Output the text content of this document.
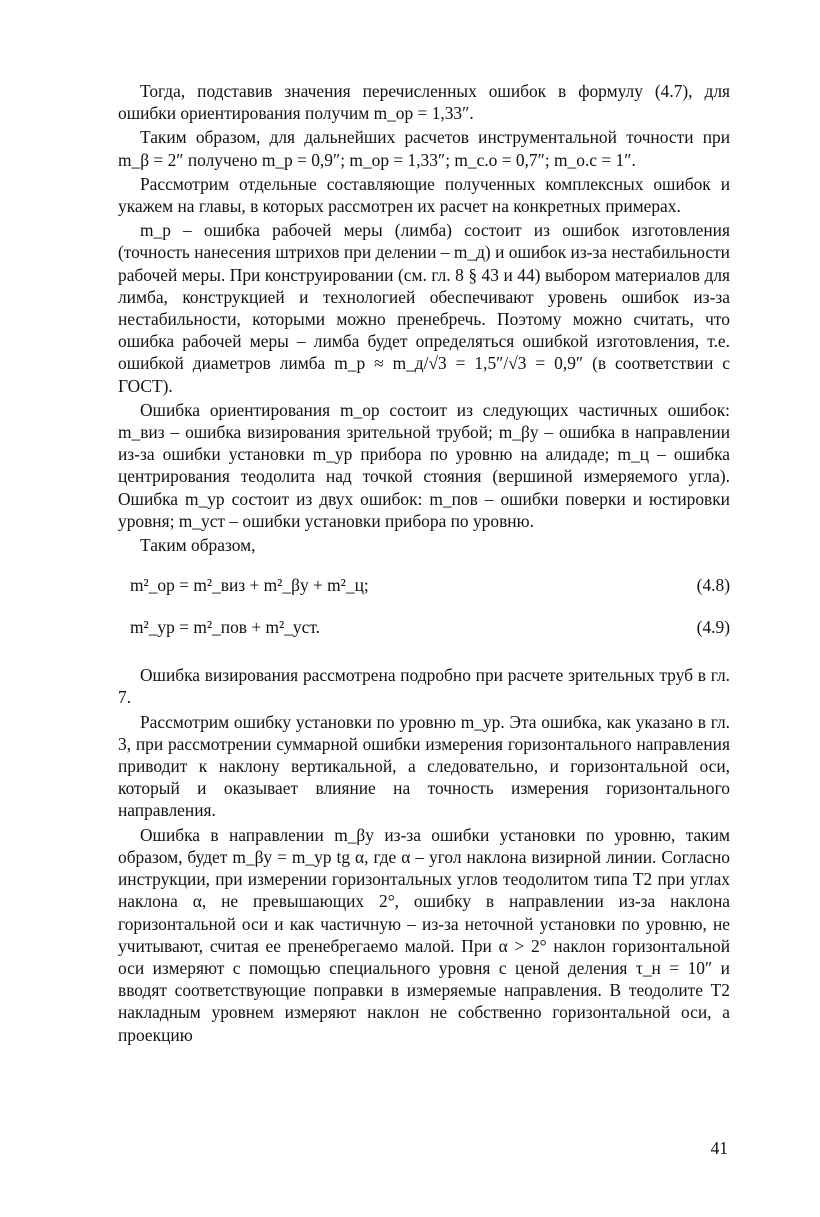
Тогда, подставив значения перечисленных ошибок в формулу (4.7), для ошибки ориентирования получим m_ор = 1,33″.

Таким образом, для дальнейших расчетов инструментальной точности при m_β = 2″ получено m_р = 0,9″; m_ор = 1,33″; m_с.о = 0,7″; m_о.с = 1″.

Рассмотрим отдельные составляющие полученных комплексных ошибок и укажем на главы, в которых рассмотрен их расчет на конкретных примерах.

m_р – ошибка рабочей меры (лимба) состоит из ошибок изготовления (точность нанесения штрихов при делении – m_д) и ошибок из-за нестабильности рабочей меры. При конструировании (см. гл. 8 § 43 и 44) выбором материалов для лимба, конструкцией и технологией обеспечивают уровень ошибок из-за нестабильности, которыми можно пренебречь. Поэтому можно считать, что ошибка рабочей меры – лимба будет определяться ошибкой изготовления, т.е. ошибкой диаметров лимба m_р ≈ m_д/√3 = 1,5″/√3 = 0,9″ (в соответствии с ГОСТ).

Ошибка ориентирования m_ор состоит из следующих частичных ошибок: m_виз – ошибка визирования зрительной трубой; m_βу – ошибка в направлении из-за ошибки установки m_ур прибора по уровню на алидаде; m_ц – ошибка центрирования теодолита над точкой стояния (вершиной измеряемого угла). Ошибка m_ур состоит из двух ошибок: m_пов – ошибки поверки и юстировки уровня; m_уст – ошибки установки прибора по уровню.

Таким образом,

m²_ор = m²_виз + m²_βу + m²_ц;	(4.8)
m²_ур = m²_пов + m²_уст.	(4.9)

Ошибка визирования рассмотрена подробно при расчете зрительных труб в гл. 7.

Рассмотрим ошибку установки по уровню m_ур. Эта ошибка, как указано в гл. 3, при рассмотрении суммарной ошибки измерения горизонтального направления приводит к наклону вертикальной, а следовательно, и горизонтальной оси, который и оказывает влияние на точность измерения горизонтального направления.

Ошибка в направлении m_βу из-за ошибки установки по уровню, таким образом, будет m_βу = m_ур tg α, где α – угол наклона визирной линии. Согласно инструкции, при измерении горизонтальных углов теодолитом типа Т2 при углах наклона α, не превышающих 2°, ошибку в направлении из-за наклона горизонтальной оси и как частичную – из-за неточной установки по уровню, не учитывают, считая ее пренебрегаемо малой. При α > 2° наклон горизонтальной оси измеряют с помощью специального уровня с ценой деления τ_н = 10″ и вводят соответствующие поправки в измеряемые направления. В теодолите Т2 накладным уровнем измеряют наклон не собственно горизонтальной оси, а проекцию

41
